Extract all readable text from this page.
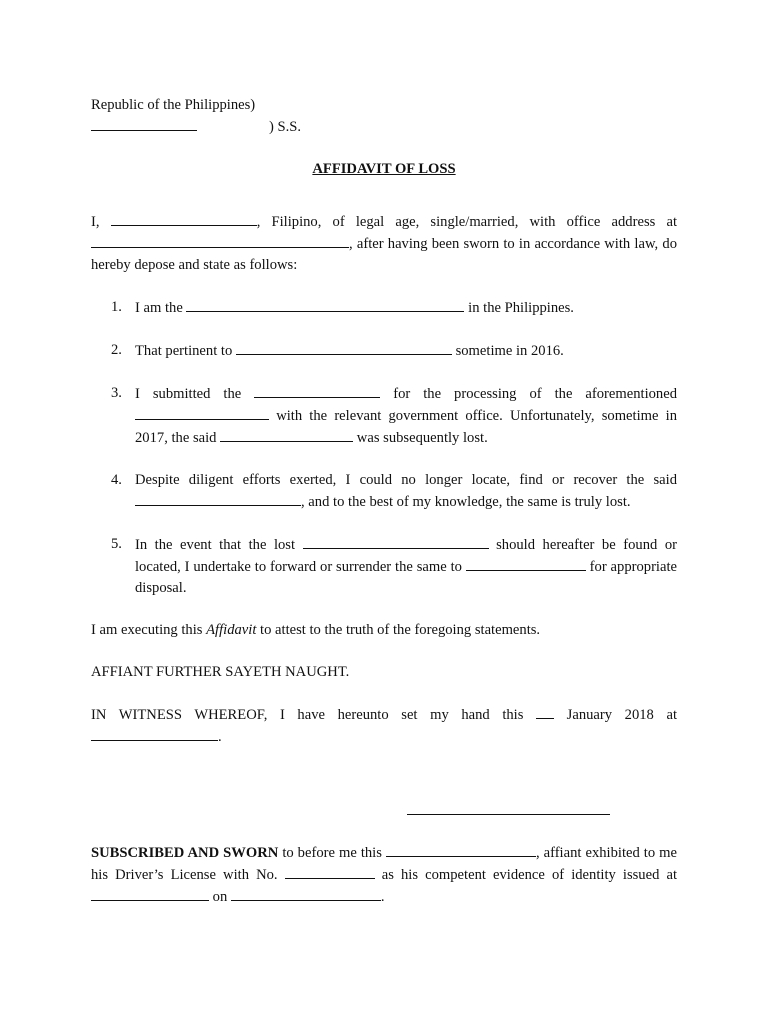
Republic of the Philippines)
) S.S.
AFFIDAVIT OF LOSS

I,	, Filipino, of legal age, single/married, with office address at , after having been sworn to in accordance with law, do hereby depose and state as follows:

1. I am the	in the Philippines.
2. That pertinent to	sometime in 2016.
3. I submitted the	for the processing of the aforementioned  with the relevant government office. Unfortunately, sometime in 2017, the said	was subsequently lost.
4. Despite diligent efforts exerted, I could no longer locate, find or recover the said , and to the best of my knowledge, the same is truly lost.
5. In the event that the lost	should hereafter be found or located, I undertake to forward or surrender the same to	for appropriate disposal.

I am executing this Affidavit to attest to the truth of the foregoing statements.

AFFIANT FURTHER SAYETH NAUGHT.

IN WITNESS WHEREOF, I have hereunto set my hand this	January 2018 at .

SUBSCRIBED AND SWORN to before me this	, affiant exhibited to me his Driver’s License with No.	as his competent evidence of identity issued at  on	.
